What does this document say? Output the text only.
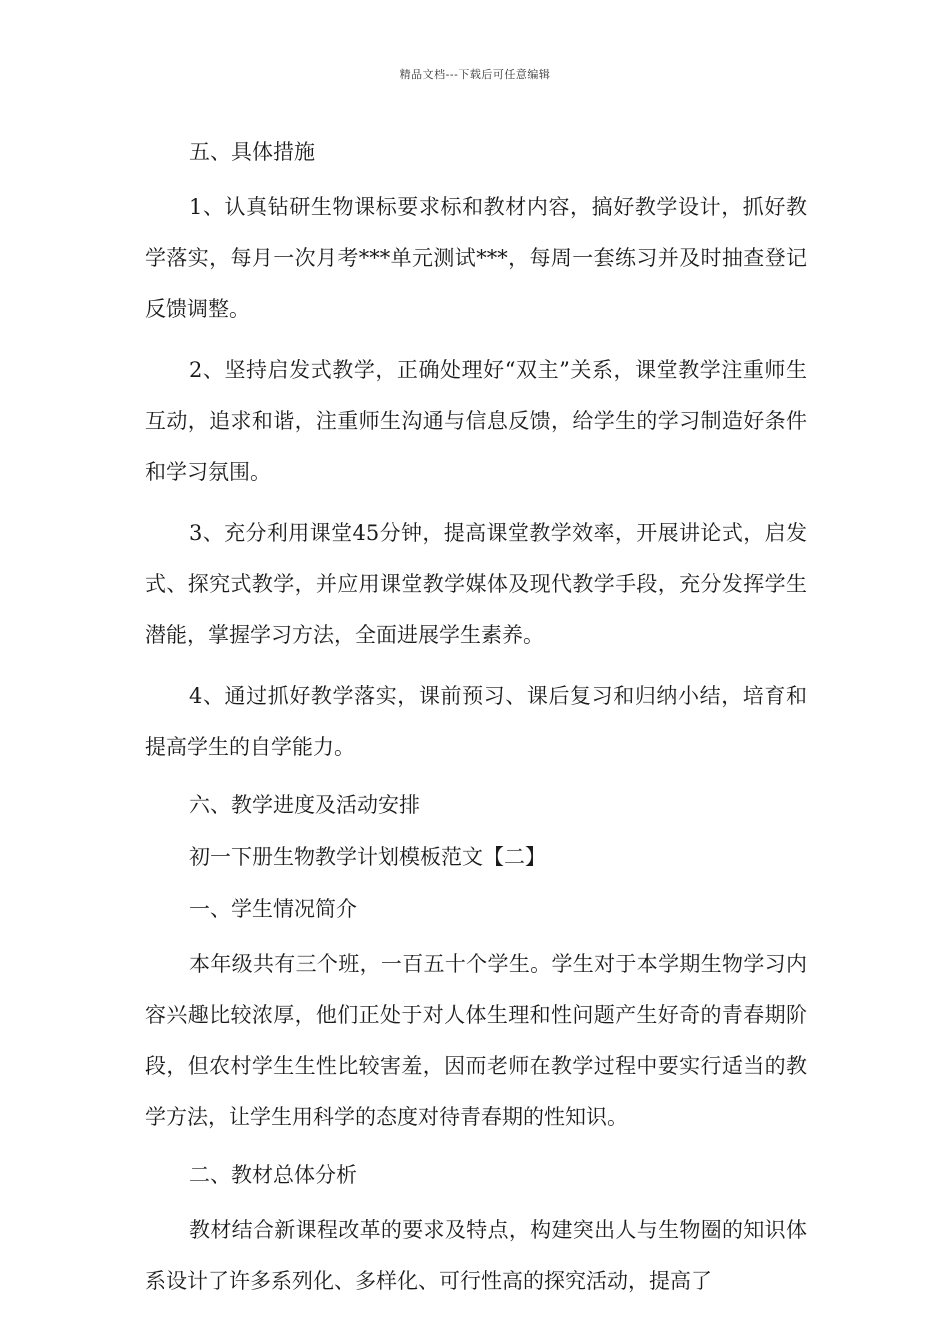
精品文档---下载后可任意编辑
五、具体措施
1、认真钻研生物课标要求标和教材内容，搞好教学设计，抓好教学落实，每月一次月考***单元测试***，每周一套练习并及时抽查登记反馈调整。
2、坚持启发式教学，正确处理好“双主”关系，课堂教学注重师生互动，追求和谐，注重师生沟通与信息反馈，给学生的学习制造好条件和学习氛围。
3、充分利用课堂45分钟，提高课堂教学效率，开展讲论式，启发式、探究式教学，并应用课堂教学媒体及现代教学手段，充分发挥学生潜能，掌握学习方法，全面进展学生素养。
4、通过抓好教学落实，课前预习、课后复习和归纳小结，培育和提高学生的自学能力。
六、教学进度及活动安排
初一下册生物教学计划模板范文【二】
一、学生情况简介
本年级共有三个班，一百五十个学生。学生对于本学期生物学习内容兴趣比较浓厚，他们正处于对人体生理和性问题产生好奇的青春期阶段，但农村学生生性比较害羞，因而老师在教学过程中要实行适当的教学方法，让学生用科学的态度对待青春期的性知识。
二、教材总体分析
教材结合新课程改革的要求及特点，构建突出人与生物圈的知识体系设计了许多系列化、多样化、可行性高的探究活动，提高了
